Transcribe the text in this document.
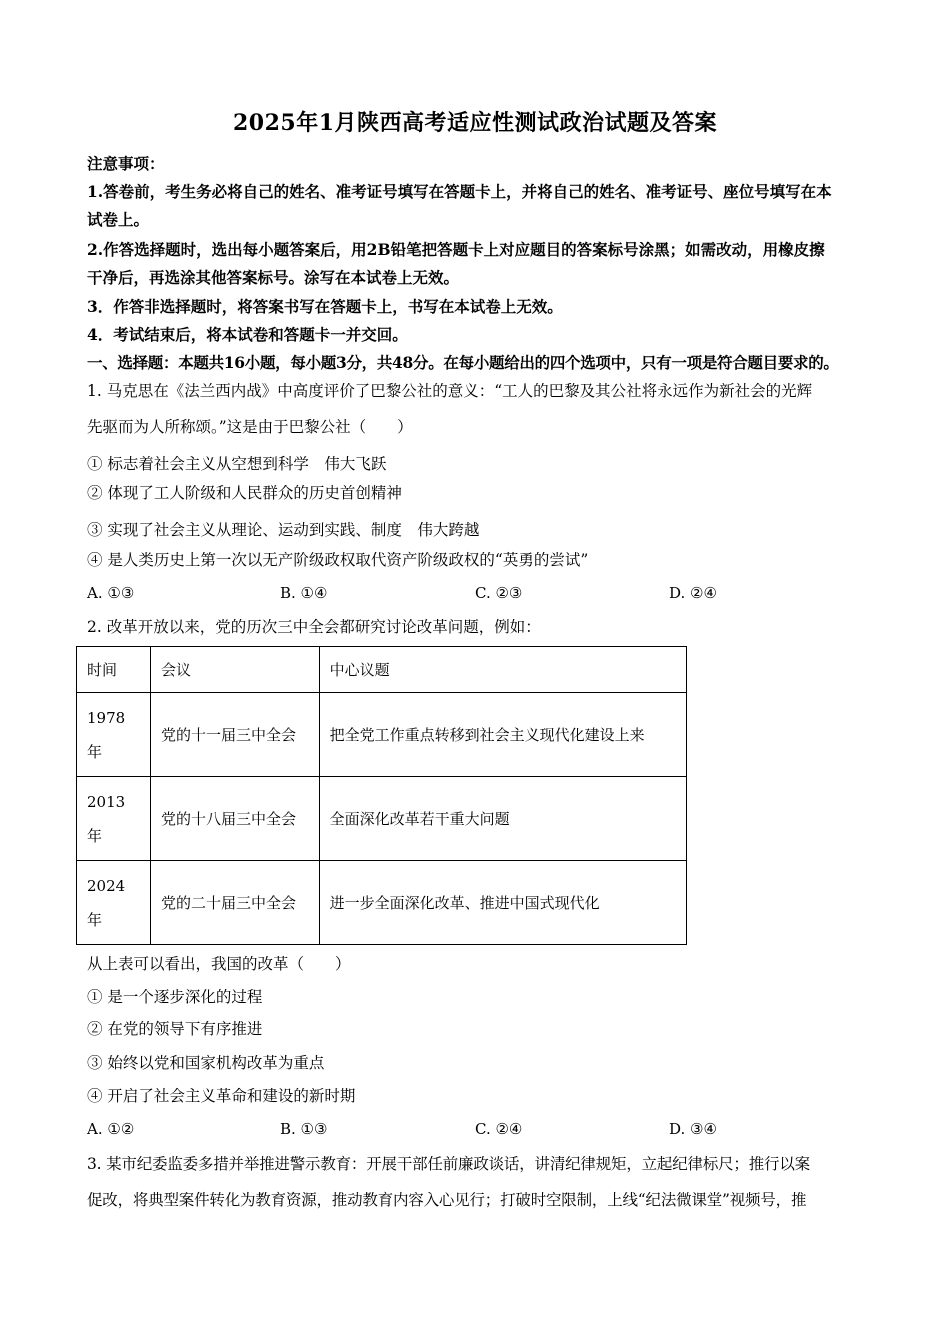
2025年1月陕西高考适应性测试政治试题及答案
注意事项：
1.答卷前，考生务必将自己的姓名、准考证号填写在答题卡上，并将自己的姓名、准考证号、座位号填写在本
试卷上。
2.作答选择题时，选出每小题答案后，用2B铅笔把答题卡上对应题目的答案标号涂黑；如需改动，用橡皮擦
干净后，再选涂其他答案标号。涂写在本试卷上无效。
3．作答非选择题时，将答案书写在答题卡上，书写在本试卷上无效。
4．考试结束后，将本试卷和答题卡一并交回。
一、选择题：本题共16小题，每小题3分，共48分。在每小题给出的四个选项中，只有一项是符合题目要求的。
1. 马克思在《法兰西内战》中高度评价了巴黎公社的意义：“工人的巴黎及其公社将永远作为新社会的光辉
先驱而为人所称颂。”这是由于巴黎公社（　　）
① 标志着社会主义从空想到科学　伟大飞跃
② 体现了工人阶级和人民群众的历史首创精神
③ 实现了社会主义从理论、运动到实践、制度　伟大跨越
④ 是人类历史上第一次以无产阶级政权取代资产阶级政权的“英勇的尝试”
A. ①③	B. ①④	C. ②③	D. ②④
2. 改革开放以来，党的历次三中全会都研究讨论改革问题，例如：
时间	会议	中心议题
1978年	党的十一届三中全会	把全党工作重点转移到社会主义现代化建设上来
2013年	党的十八届三中全会	全面深化改革若干重大问题
2024年	党的二十届三中全会	进一步全面深化改革、推进中国式现代化
从上表可以看出，我国的改革（　　）
① 是一个逐步深化的过程
② 在党的领导下有序推进
③ 始终以党和国家机构改革为重点
④ 开启了社会主义革命和建设的新时期
A. ①②	B. ①③	C. ②④	D. ③④
3. 某市纪委监委多措并举推进警示教育：开展干部任前廉政谈话，讲清纪律规矩，立起纪律标尺；推行以案
促改，将典型案件转化为教育资源，推动教育内容入心见行；打破时空限制，上线“纪法微课堂”视频号，推
